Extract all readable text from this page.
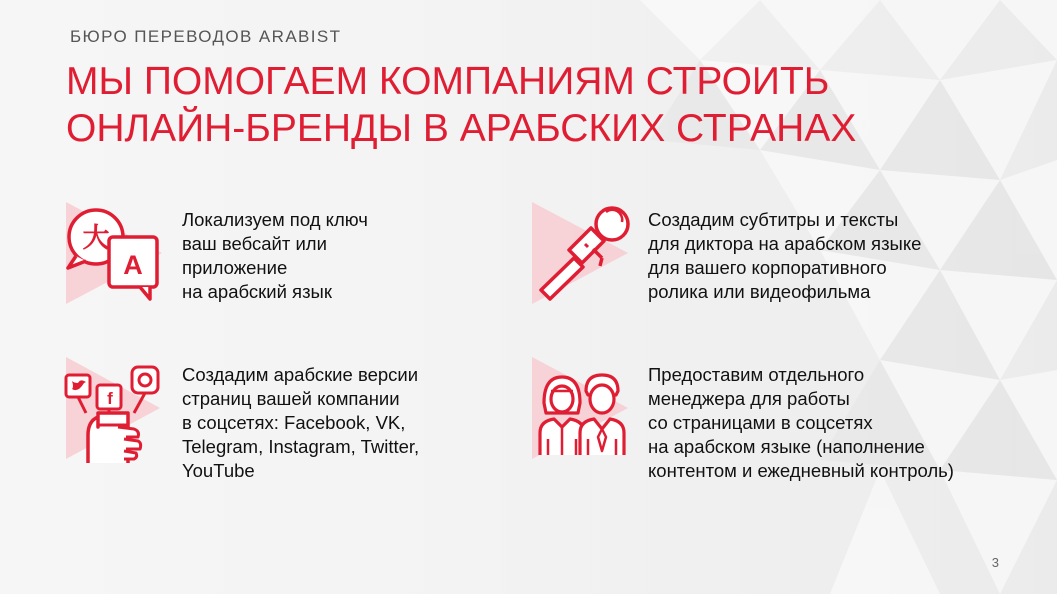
БЮРО ПЕРЕВОДОВ ARABIST
МЫ ПОМОГАЕМ КОМПАНИЯМ СТРОИТЬ
ОНЛАЙН-БРЕНДЫ В АРАБСКИХ СТРАНАХ
大
A
Локализуем под ключ
ваш вебсайт или
приложение
на арабский язык
Создадим субтитры и тексты
для диктора на арабском языке
для вашего корпоративного
ролика или видеофильма
f
Создадим арабские версии
страниц вашей компании
в соцсетях: Facebook, VK,
Telegram, Instagram, Twitter,
YouTube
Предоставим отдельного
менеджера для работы
со страницами в соцсетях
на арабском языке (наполнение
контентом и ежедневный контроль)
3
